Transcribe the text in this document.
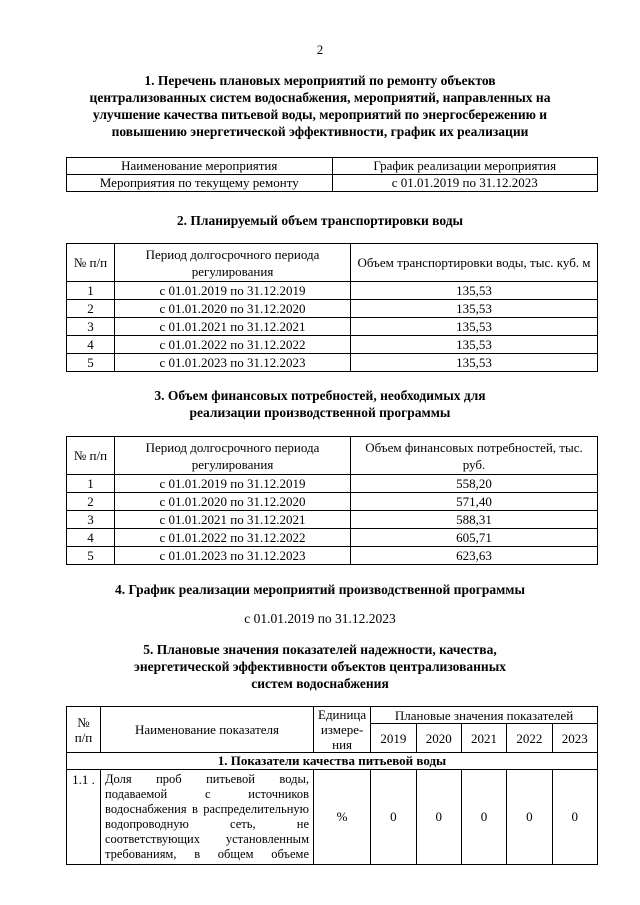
2
1. Перечень плановых мероприятий по ремонту объектов
централизованных систем водоснабжения, мероприятий, направленных на
улучшение качества питьевой воды, мероприятий по энергосбережению и
повышению энергетической эффективности, график их реализации
Наименование мероприятия	График реализации мероприятия
Мероприятия по текущему ремонту	с 01.01.2019 по 31.12.2023
2. Планируемый объем транспортировки воды
№ п/п	Период долгосрочного периода регулирования	Объем транспортировки воды, тыс. куб. м
1	с 01.01.2019 по 31.12.2019	135,53
2	с 01.01.2020 по 31.12.2020	135,53
3	с 01.01.2021 по 31.12.2021	135,53
4	с 01.01.2022 по 31.12.2022	135,53
5	с 01.01.2023 по 31.12.2023	135,53
3. Объем финансовых потребностей, необходимых для
реализации производственной программы
№ п/п	Период долгосрочного периода регулирования	Объем финансовых потребностей, тыс. руб.
1	с 01.01.2019 по 31.12.2019	558,20
2	с 01.01.2020 по 31.12.2020	571,40
3	с 01.01.2021 по 31.12.2021	588,31
4	с 01.01.2022 по 31.12.2022	605,71
5	с 01.01.2023 по 31.12.2023	623,63
4. График реализации мероприятий производственной программы
с 01.01.2019 по 31.12.2023
5. Плановые значения показателей надежности, качества,
энергетической эффективности объектов централизованных
систем водоснабжения
№ п/п	Наименование показателя	Единица измере-ния	Плановые значения показателей				
			2019	2020	2021	2022	2023
1. Показатели качества питьевой воды							
1.1 .	Доля проб питьевой воды, подаваемой с источников водоснабжения в распределительную водопроводную сеть, не соответствующих установленным требованиям, в общем объеме	%	0	0	0	0	0
